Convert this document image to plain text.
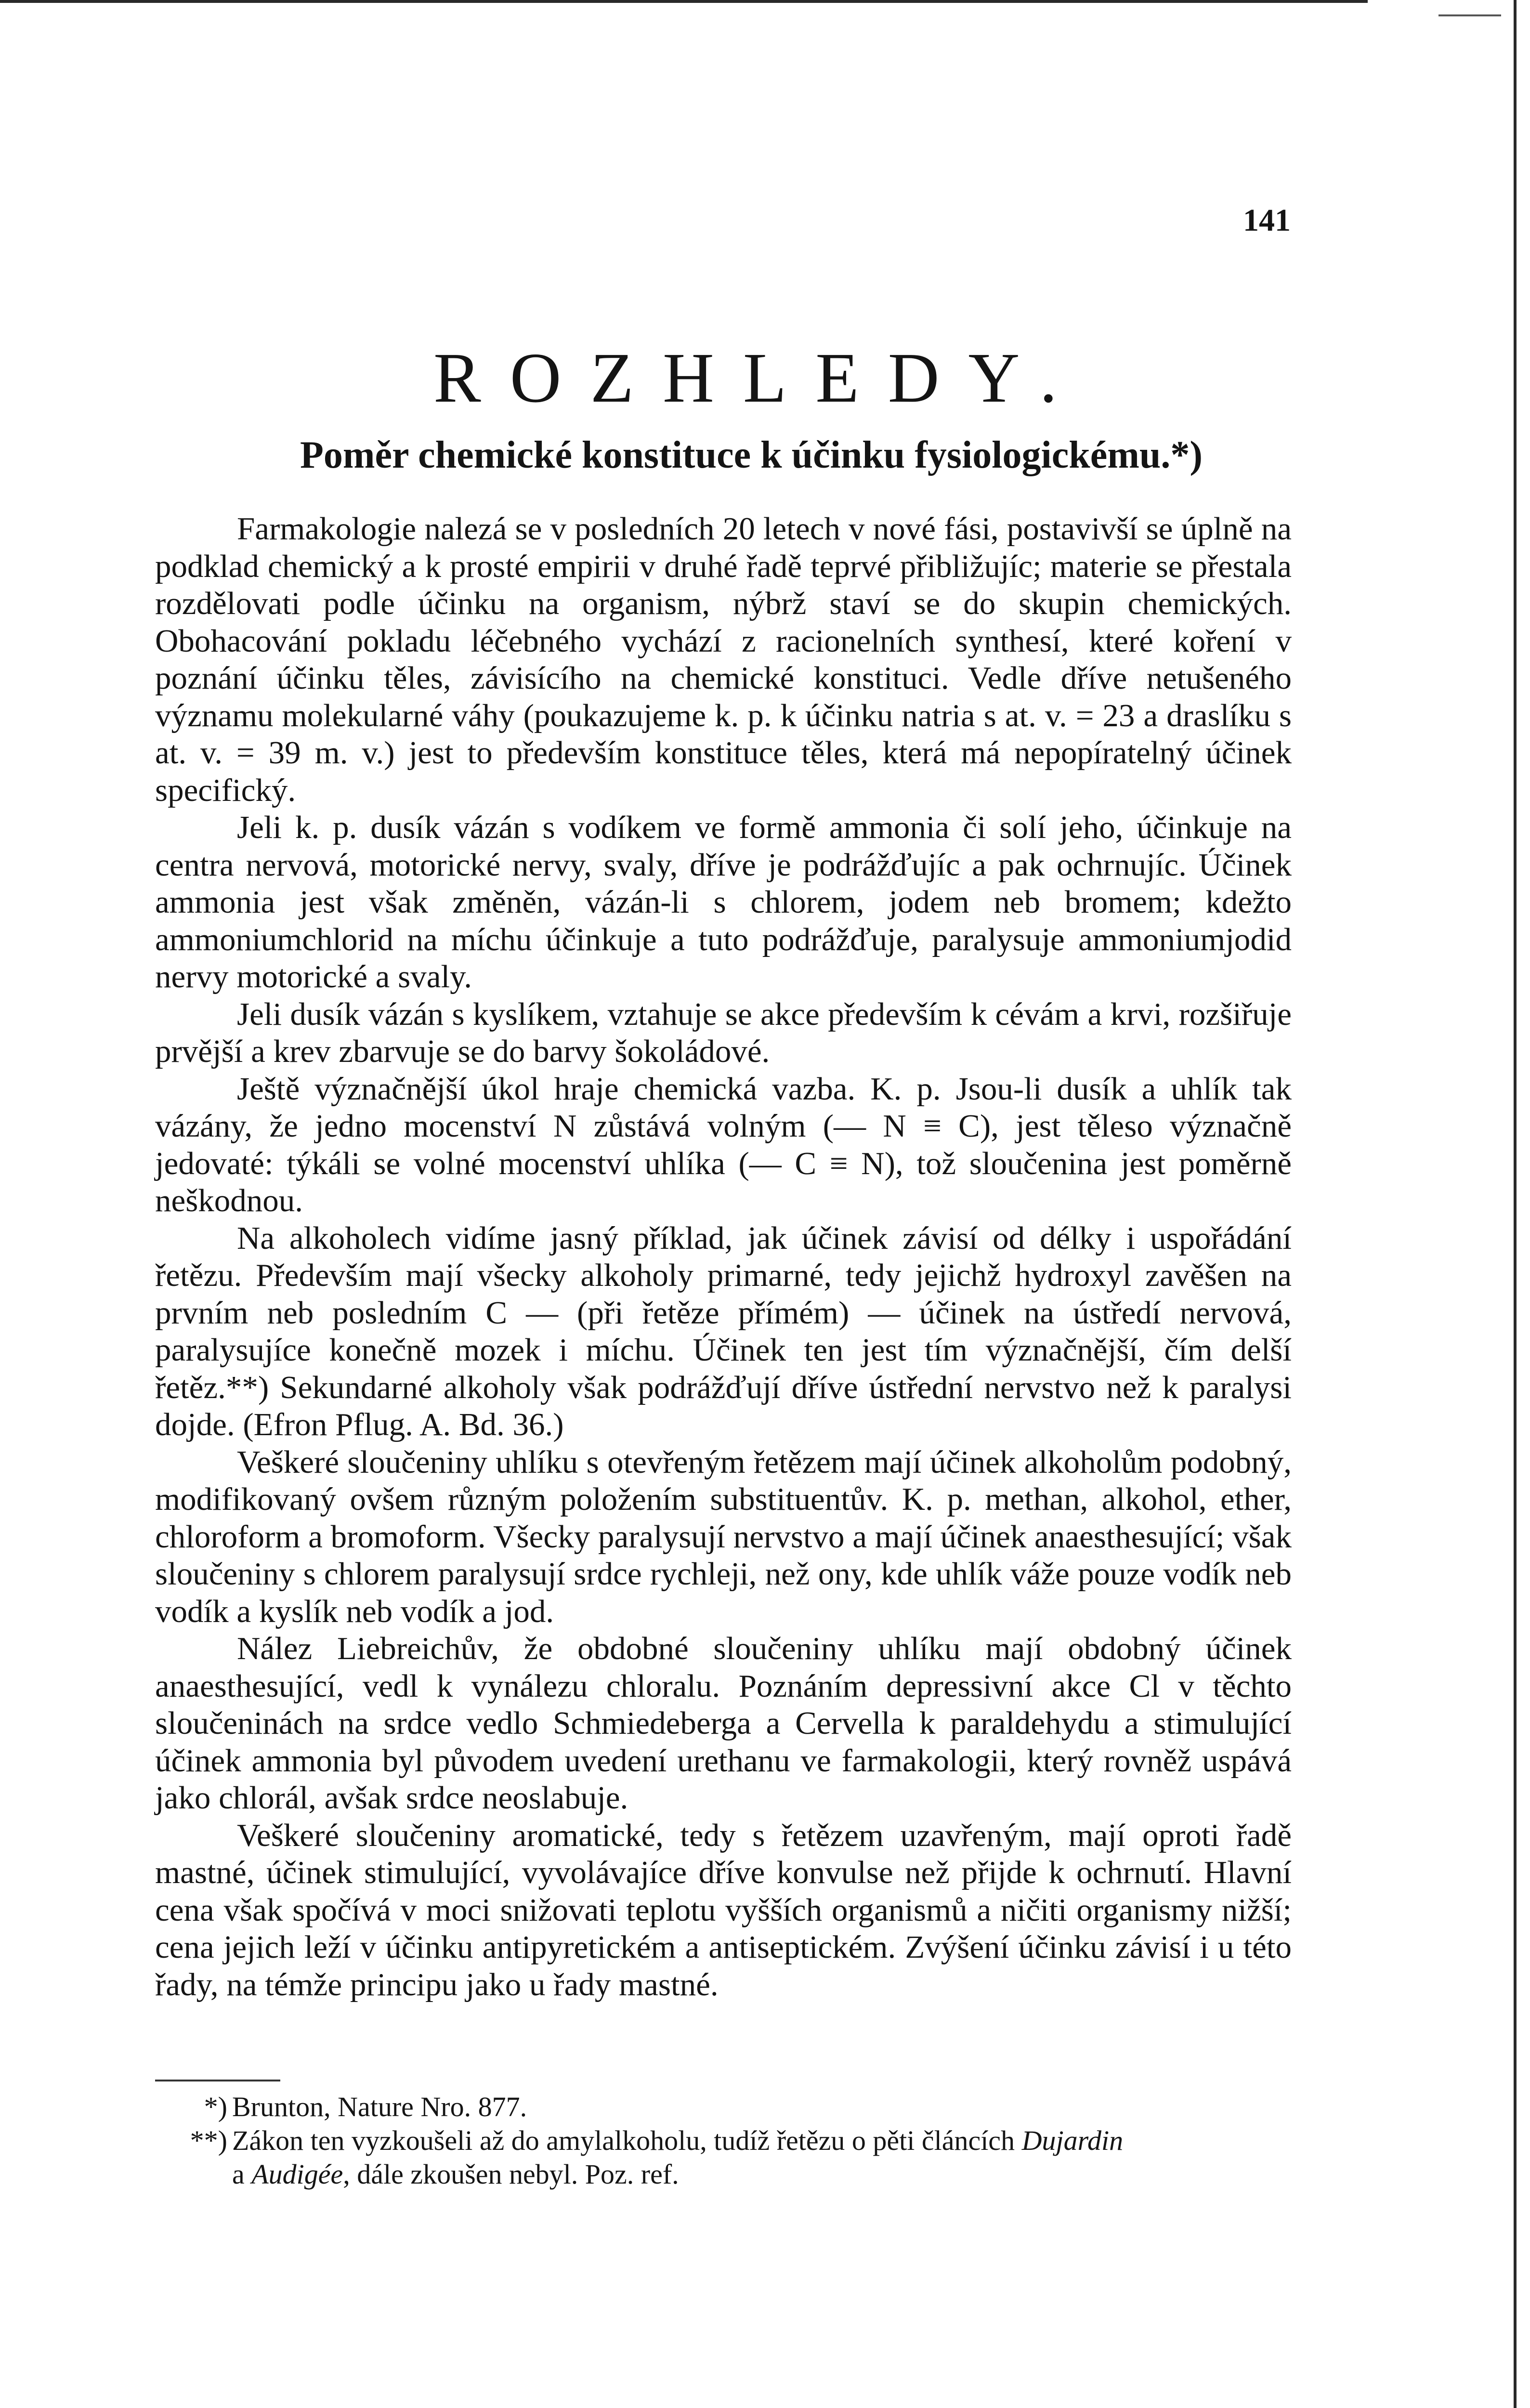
141
ROZHLEDY.
Poměr chemické konstituce k účinku fysiologickému.*)

Farmakologie nalezá se v posledních 20 letech v nové fási, postavivší se úplně na podklad chemický a k prosté empirii v druhé řadě teprvé přibližujíc; materie se přestala rozdělovati podle účinku na organism, nýbrž staví se do skupin chemických. Obohacování pokladu léčebného vychází z racionelních synthesí, které koření v poznání účinku těles, závisícího na chemické konstituci. Vedle dříve netušeného významu molekularné váhy (poukazujeme k. p. k účinku natria s at. v. = 23 a draslíku s at. v. = 39 m. v.) jest to především konstituce těles, která má nepopíratelný účinek specifický.

Jeli k. p. dusík vázán s vodíkem ve formě ammonia či solí jeho, účinkuje na centra nervová, motorické nervy, svaly, dříve je podrážďujíc a pak ochrnujíc. Účinek ammonia jest však změněn, vázán-li s chlorem, jodem neb bromem; kdežto ammoniumchlorid na míchu účinkuje a tuto podrážďuje, paralysuje ammoniumjodid nervy motorické a svaly.

Jeli dusík vázán s kyslíkem, vztahuje se akce především k cévám a krvi, rozšiřuje prvější a krev zbarvuje se do barvy šokoládové.

Ještě význačnější úkol hraje chemická vazba. K. p. Jsou-li dusík a uhlík tak vázány, že jedno mocenství N zůstává volným (— N ≡ C), jest těleso význačně jedovaté: týkáli se volné mocenství uhlíka (— C ≡ N), tož sloučenina jest poměrně neškodnou.

Na alkoholech vidíme jasný příklad, jak účinek závisí od délky i uspořádání řetězu. Především mají všecky alkoholy primarné, tedy jejichž hydroxyl zavěšen na prvním neb posledním C — (při řetěze přímém) — účinek na ústředí nervová, paralysujíce konečně mozek i míchu. Účinek ten jest tím význačnější, čím delší řetěz.**) Sekundarné alkoholy však podrážďují dříve ústřední nervstvo než k paralysi dojde. (Efron Pflug. A. Bd. 36.)

Veškeré sloučeniny uhlíku s otevřeným řetězem mají účinek alkoholům podobný, modifikovaný ovšem různým položením substituentův. K. p. methan, alkohol, ether, chloroform a bromoform. Všecky paralysují nervstvo a mají účinek anaesthesující; však sloučeniny s chlorem paralysují srdce rychleji, než ony, kde uhlík váže pouze vodík neb vodík a kyslík neb vodík a jod.

Nález Liebreichův, že obdobné sloučeniny uhlíku mají obdobný účinek anaesthesující, vedl k vynálezu chloralu. Poznáním depressivní akce Cl v těchto sloučeninách na srdce vedlo Schmiedeberga a Cervella k paraldehydu a stimulující účinek ammonia byl původem uvedení urethanu ve farmakologii, který rovněž uspává jako chlorál, avšak srdce neoslabuje.

Veškeré sloučeniny aromatické, tedy s řetězem uzavřeným, mají oproti řadě mastné, účinek stimulující, vyvolávajíce dříve konvulse než přijde k ochrnutí. Hlavní cena však spočívá v moci snižovati teplotu vyšších organismů a ničiti organismy nižší; cena jejich leží v účinku antipyretickém a antiseptickém. Zvýšení účinku závisí i u této řady, na témže principu jako u řady mastné.

*) Brunton, Nature Nro. 877.

**) Zákon ten vyzkoušeli až do amylalkoholu, tudíž řetězu o pěti článcích Dujardin

a Audigée, dále zkoušen nebyl. Poz. ref.
